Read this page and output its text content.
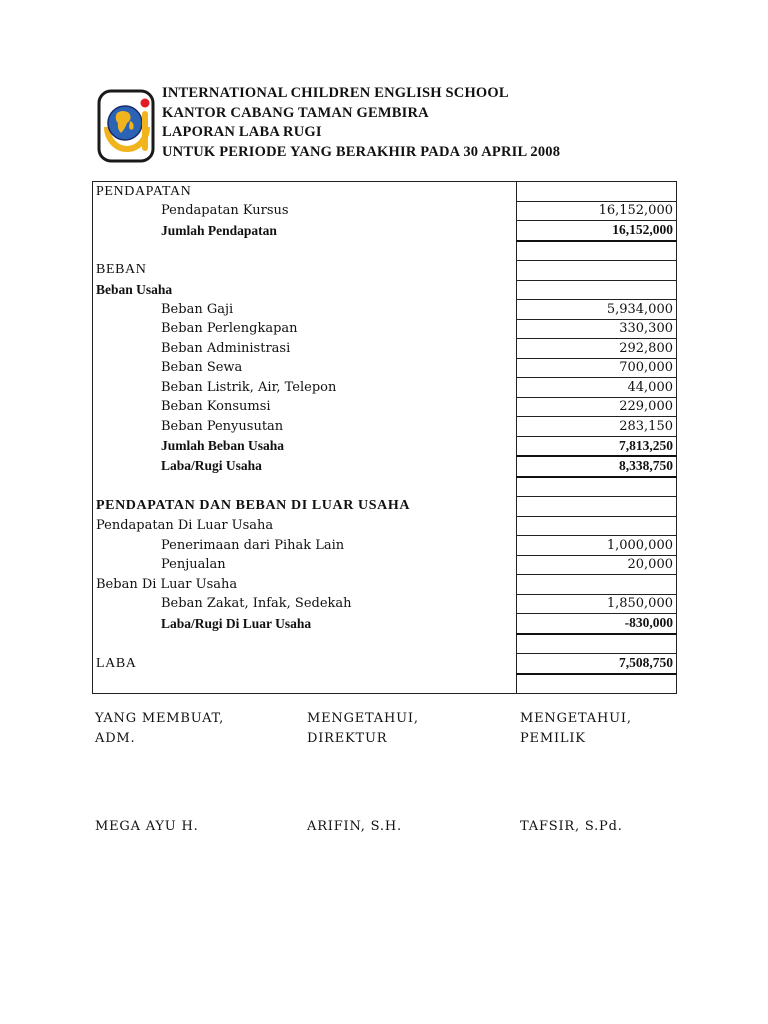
INTERNATIONAL CHILDREN ENGLISH SCHOOL
KANTOR CABANG TAMAN GEMBIRA
LAPORAN LABA RUGI
UNTUK PERIODE YANG BERAKHIR PADA 30 APRIL 2008
PENDAPATAN	
Pendapatan Kursus	16,152,000
Jumlah Pendapatan	16,152,000

BEBAN	
Beban Usaha	
Beban Gaji	5,934,000
Beban Perlengkapan	330,300
Beban Administrasi	292,800
Beban Sewa	700,000
Beban Listrik, Air, Telepon	44,000
Beban Konsumsi	229,000
Beban Penyusutan	283,150
Jumlah Beban Usaha	7,813,250
Laba/Rugi Usaha	8,338,750

PENDAPATAN DAN BEBAN DI LUAR USAHA	
Pendapatan Di Luar Usaha	
Penerimaan dari Pihak Lain	1,000,000
Penjualan	20,000
Beban Di Luar Usaha	
Beban Zakat, Infak, Sedekah	1,850,000
Laba/Rugi Di Luar Usaha	-830,000

LABA	7,508,750

YANG MEMBUAT,
ADM.
MEGA AYU H.
MENGETAHUI,
DIREKTUR
ARIFIN, S.H.
MENGETAHUI,
PEMILIK
TAFSIR, S.Pd.
